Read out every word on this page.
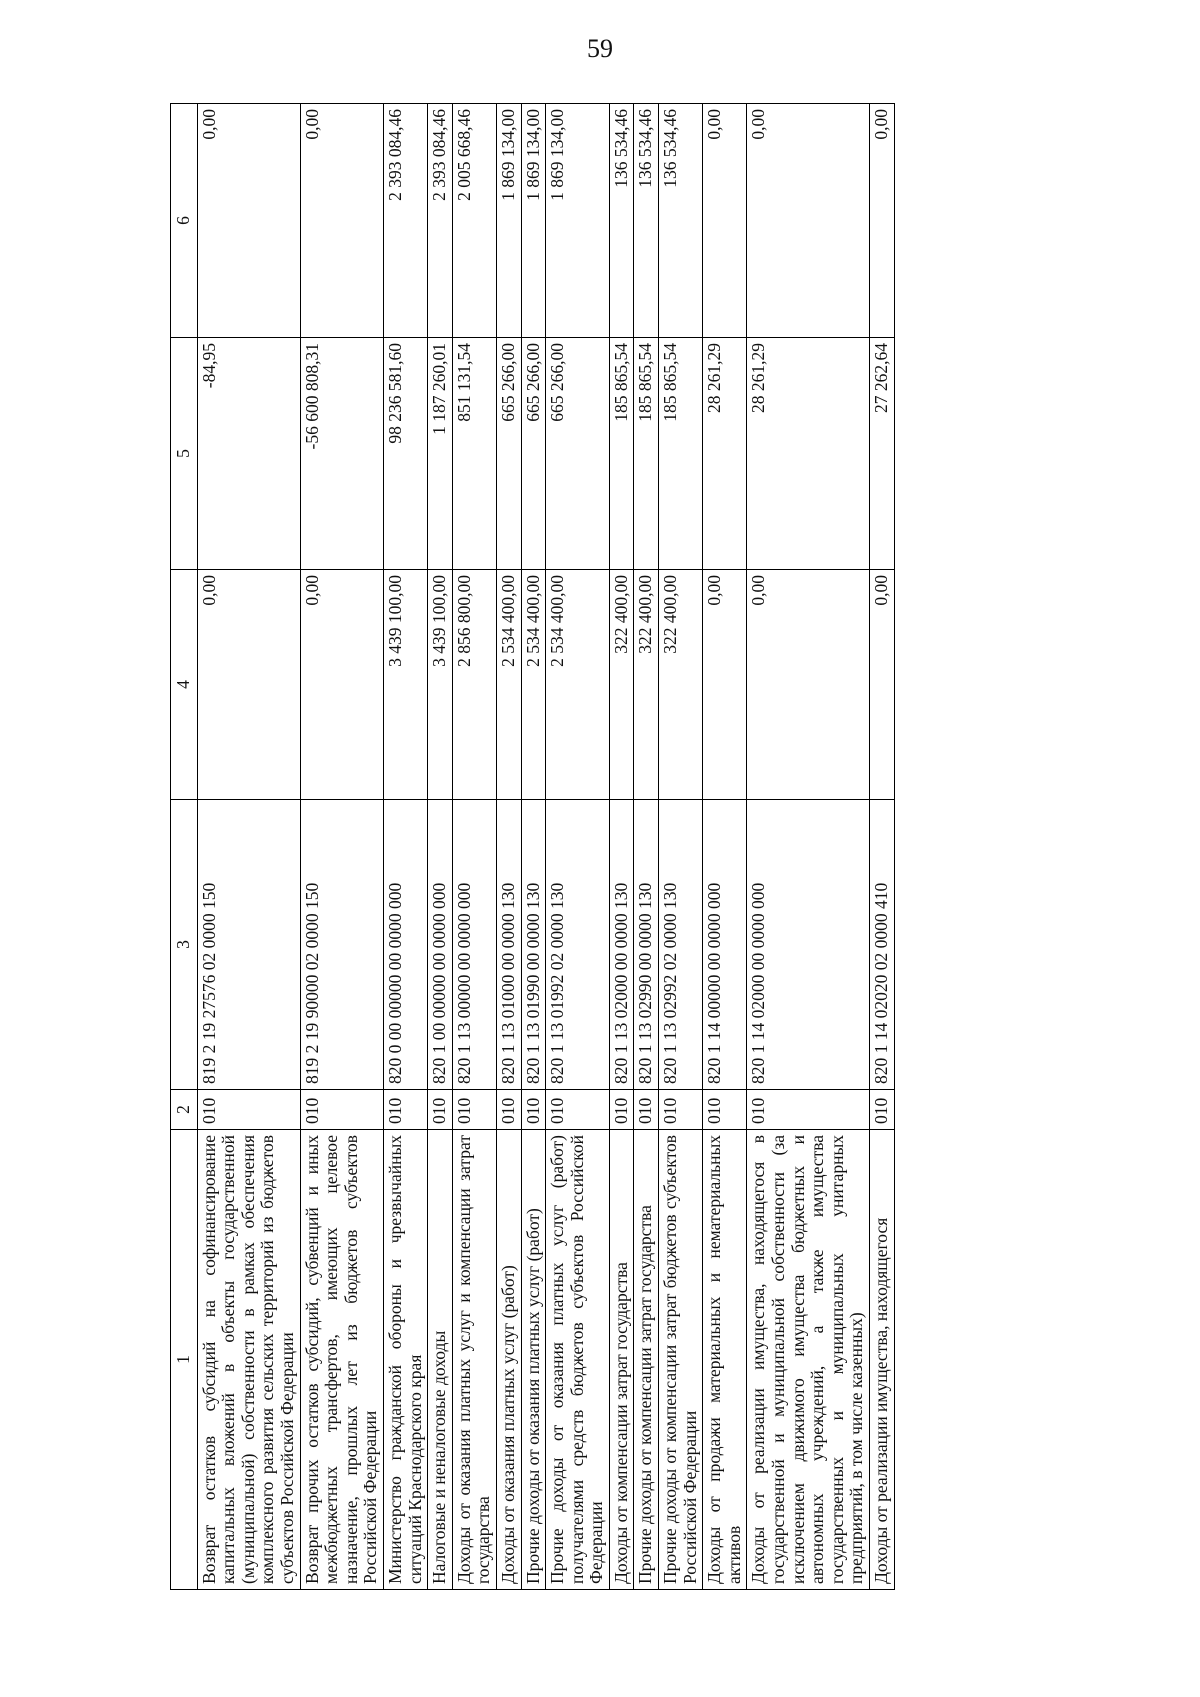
59
1	2	3	4	5	6
Возврат остатков субсидий на софинансирование капитальных вложений в объекты государственной (муниципальной) собственности в рамках обеспечения комплексного развития сельских территорий из бюджетов субъектов Российской Федерации	010	819 2 19 27576 02 0000 150	0,00	-84,95	0,00
Возврат прочих остатков субсидий, субвенций и иных межбюджетных трансфертов, имеющих целевое назначение, прошлых лет из бюджетов субъектов Российской Федерации	010	819 2 19 90000 02 0000 150	0,00	-56 600 808,31	0,00
Министерство гражданской обороны и чрезвычайных ситуаций Краснодарского края	010	820 0 00 00000 00 0000 000	3 439 100,00	98 236 581,60	2 393 084,46
Налоговые и неналоговые доходы	010	820 1 00 00000 00 0000 000	3 439 100,00	1 187 260,01	2 393 084,46
Доходы от оказания платных услуг и компенсации затрат государства	010	820 1 13 00000 00 0000 000	2 856 800,00	851 131,54	2 005 668,46
Доходы от оказания платных услуг (работ)	010	820 1 13 01000 00 0000 130	2 534 400,00	665 266,00	1 869 134,00
Прочие доходы от оказания платных услуг (работ)	010	820 1 13 01990 00 0000 130	2 534 400,00	665 266,00	1 869 134,00
Прочие доходы от оказания платных услуг (работ) получателями средств бюджетов субъектов Российской Федерации	010	820 1 13 01992 02 0000 130	2 534 400,00	665 266,00	1 869 134,00
Доходы от компенсации затрат государства	010	820 1 13 02000 00 0000 130	322 400,00	185 865,54	136 534,46
Прочие доходы от компенсации затрат государства	010	820 1 13 02990 00 0000 130	322 400,00	185 865,54	136 534,46
Прочие доходы от компенсации затрат бюджетов субъектов Российской Федерации	010	820 1 13 02992 02 0000 130	322 400,00	185 865,54	136 534,46
Доходы от продажи материальных и нематериальных активов	010	820 1 14 00000 00 0000 000	0,00	28 261,29	0,00
Доходы от реализации имущества, находящегося в государственной и муниципальной собственности (за исключением движимого имущества бюджетных и автономных учреждений, а также имущества государственных и муниципальных унитарных предприятий, в том числе казенных)	010	820 1 14 02000 00 0000 000	0,00	28 261,29	0,00
Доходы от реализации имущества, находящегося	010	820 1 14 02020 02 0000 410	0,00	27 262,64	0,00
